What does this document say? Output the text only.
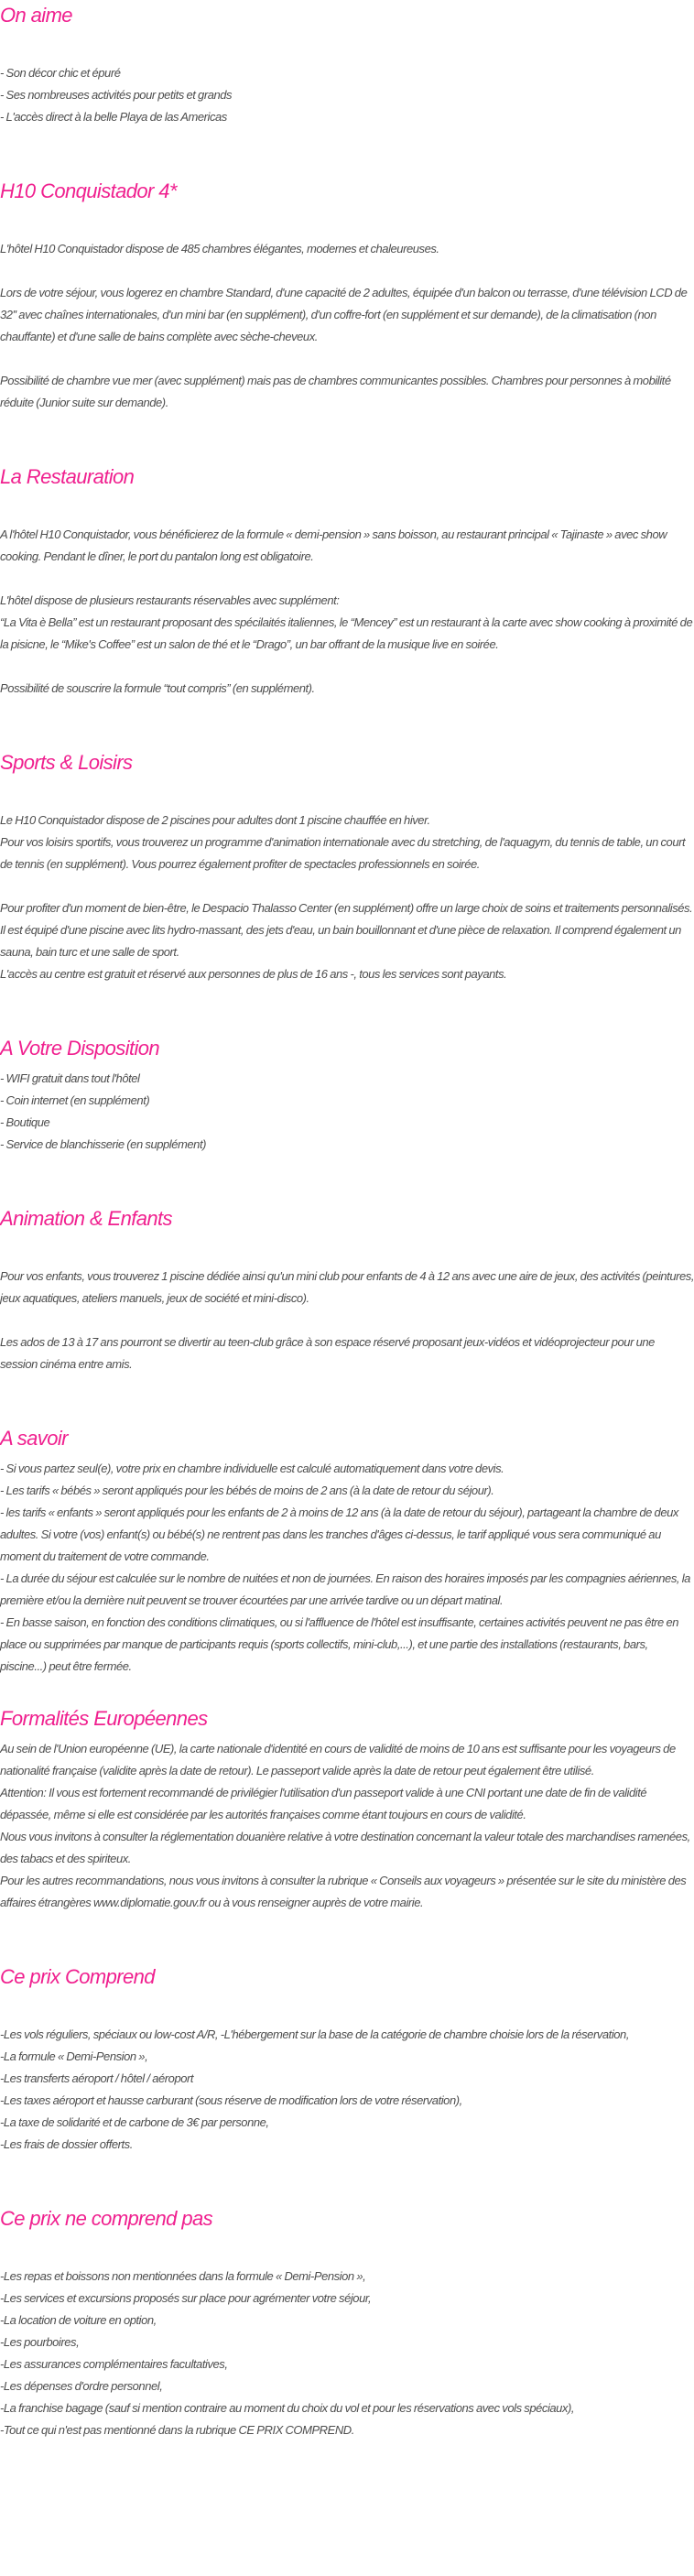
On aime
- Son décor chic et épuré
- Ses nombreuses activités pour petits et grands
- L'accès direct à la belle Playa de las Americas
H10 Conquistador 4*

L'hôtel H10 Conquistador dispose de 485 chambres élégantes, modernes et chaleureuses.

Lors de votre séjour, vous logerez en chambre Standard, d'une capacité de 2 adultes, équipée d'un balcon ou terrasse, d'une télévision LCD de 32'' avec chaînes internationales, d'un mini bar (en supplément), d'un coffre-fort (en supplément et sur demande), de la climatisation (non chauffante) et d'une salle de bains complète avec sèche-cheveux.

Possibilité de chambre vue mer (avec supplément) mais pas de chambres communicantes possibles. Chambres pour personnes à mobilité réduite (Junior suite sur demande).

La Restauration

A l'hôtel H10 Conquistador, vous bénéficierez de la formule « demi-pension » sans boisson, au restaurant principal « Tajinaste » avec show cooking. Pendant le dîner, le port du pantalon long est obligatoire.

L'hôtel dispose de plusieurs restaurants réservables avec supplément:

“La Vita è Bella” est un restaurant proposant des spécilaités italiennes, le “Mencey” est un restaurant à la carte avec show cooking à proximité de la pisicne, le “Mike's Coffee” est un salon de thé et le “Drago”, un bar offrant de la musique live en soirée.

Possibilité de souscrire la formule “tout compris” (en supplément).

Sports & Loisirs

Le H10 Conquistador dispose de 2 piscines pour adultes dont 1 piscine chauffée en hiver.

Pour vos loisirs sportifs, vous trouverez un programme d'animation internationale avec du stretching, de l'aquagym, du tennis de table, un court de tennis (en supplément). Vous pourrez également profiter de spectacles professionnels en soirée.

Pour profiter d'un moment de bien-être, le Despacio Thalasso Center (en supplément) offre un large choix de soins et traitements personnalisés. Il est équipé d'une piscine avec lits hydro-massant, des jets d'eau, un bain bouillonnant et d'une pièce de relaxation. Il comprend également un sauna, bain turc et une salle de sport.

L'accès au centre est gratuit et réservé aux personnes de plus de 16 ans -, tous les services sont payants.

A Votre Disposition
- WIFI gratuit dans tout l'hôtel
- Coin internet (en supplément)
- Boutique
- Service de blanchisserie (en supplément)
Animation & Enfants

Pour vos enfants, vous trouverez 1 piscine dédiée ainsi qu'un mini club pour enfants de 4 à 12 ans avec une aire de jeux, des activités (peintures, jeux aquatiques, ateliers manuels, jeux de société et mini-disco).

Les ados de 13 à 17 ans pourront se divertir au teen-club grâce à son espace réservé proposant jeux-vidéos et vidéoprojecteur pour une session cinéma entre amis.

A savoir

- Si vous partez seul(e), votre prix en chambre individuelle est calculé automatiquement dans votre devis.

- Les tarifs « bébés » seront appliqués pour les bébés de moins de 2 ans (à la date de retour du séjour).

- les tarifs « enfants » seront appliqués pour les enfants de 2 à moins de 12 ans (à la date de retour du séjour), partageant la chambre de deux adultes. Si votre (vos) enfant(s) ou bébé(s) ne rentrent pas dans les tranches d'âges ci-dessus, le tarif appliqué vous sera communiqué au moment du traitement de votre commande.

- La durée du séjour est calculée sur le nombre de nuitées et non de journées. En raison des horaires imposés par les compagnies aériennes, la première et/ou la dernière nuit peuvent se trouver écourtées par une arrivée tardive ou un départ matinal.

- En basse saison, en fonction des conditions climatiques, ou si l'affluence de l'hôtel est insuffisante, certaines activités peuvent ne pas être en place ou supprimées par manque de participants requis (sports collectifs, mini-club,...), et une partie des installations (restaurants, bars, piscine...) peut être fermée.

Formalités Européennes

Au sein de l'Union européenne (UE), la carte nationale d'identité en cours de validité de moins de 10 ans est suffisante pour les voyageurs de nationalité française (validite après la date de retour). Le passeport valide après la date de retour peut également être utilisé.

Attention: Il vous est fortement recommandé de privilégier l'utilisation d'un passeport valide à une CNI portant une date de fin de validité dépassée, même si elle est considérée par les autorités françaises comme étant toujours en cours de validité.

Nous vous invitons à consulter la réglementation douanière relative à votre destination concernant la valeur totale des marchandises ramenées, des tabacs et des spiriteux.

Pour les autres recommandations, nous vous invitons à consulter la rubrique « Conseils aux voyageurs » présentée sur le site du ministère des affaires étrangères www.diplomatie.gouv.fr ou à vous renseigner auprès de votre mairie.

Ce prix Comprend

-Les vols réguliers, spéciaux ou low-cost A/R, -L'hébergement sur la base de la catégorie de chambre choisie lors de la réservation,

-La formule « Demi-Pension »,

-Les transferts aéroport / hôtel / aéroport

-Les taxes aéroport et hausse carburant (sous réserve de modification lors de votre réservation),

-La taxe de solidarité et de carbone de 3€ par personne,

-Les frais de dossier offerts.

Ce prix ne comprend pas

-Les repas et boissons non mentionnées dans la formule « Demi-Pension »,

-Les services et excursions proposés sur place pour agrémenter votre séjour,

-La location de voiture en option,

-Les pourboires,

-Les assurances complémentaires facultatives,

-Les dépenses d'ordre personnel,

-La franchise bagage (sauf si mention contraire au moment du choix du vol et pour les réservations avec vols spéciaux),

-Tout ce qui n'est pas mentionné dans la rubrique CE PRIX COMPREND.
